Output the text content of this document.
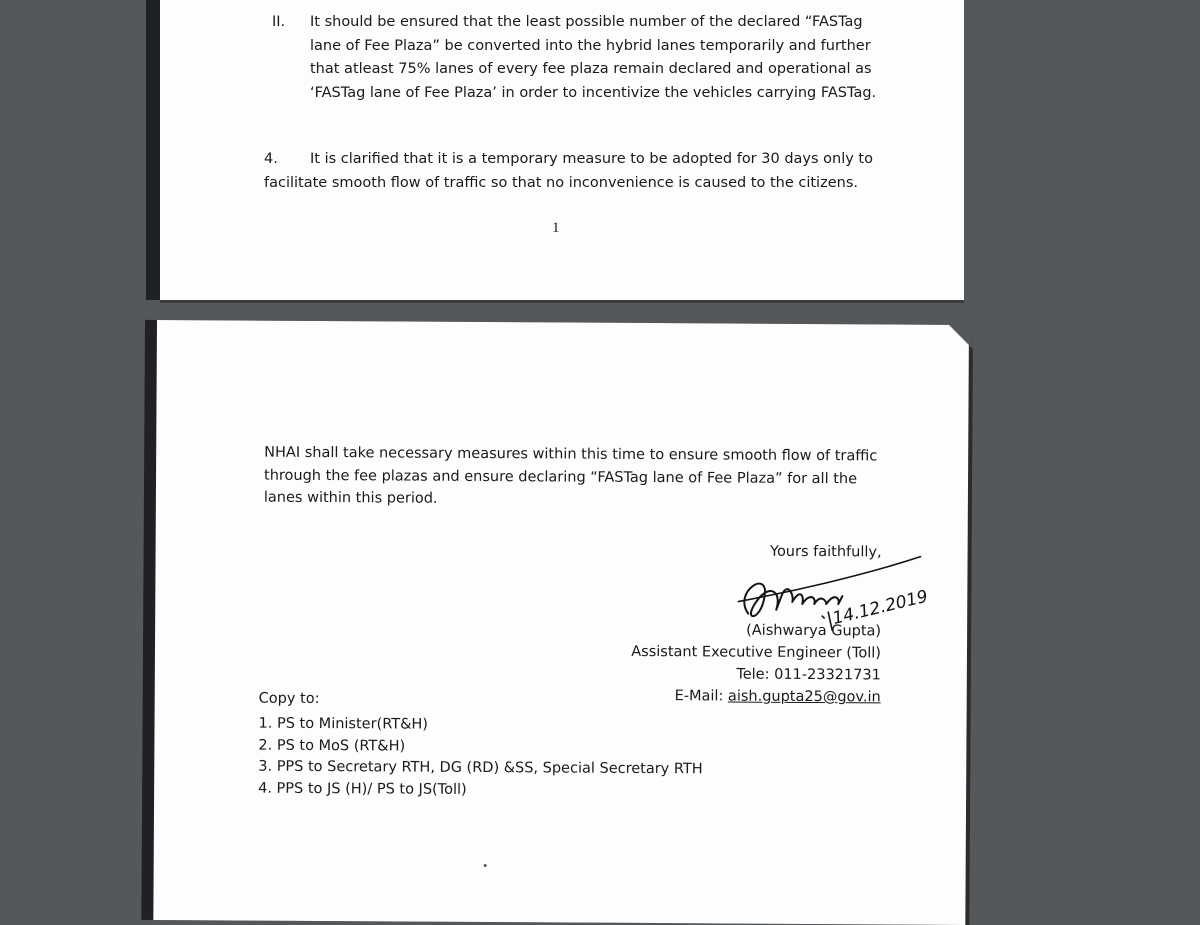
II. It should be ensured that the least possible number of the declared “FASTag
lane of Fee Plaza” be converted into the hybrid lanes temporarily and further
that atleast 75% lanes of every fee plaza remain declared and operational as
‘FASTag lane of Fee Plaza’ in order to incentivize the vehicles carrying FASTag.
4. It is clarified that it is a temporary measure to be adopted for 30 days only to
facilitate smooth flow of traffic so that no inconvenience is caused to the citizens.
1
NHAI shall take necessary measures within this time to ensure smooth flow of traffic
through the fee plazas and ensure declaring “FASTag lane of Fee Plaza” for all the
lanes within this period.
Yours faithfully,
14.12.2019
(Aishwarya Gupta)
Assistant Executive Engineer (Toll)
Tele: 011-23321731
E-Mail: aish.gupta25@gov.in
Copy to:
1. PS to Minister(RT&H)
2. PS to MoS (RT&H)
3. PPS to Secretary RTH, DG (RD) &SS, Special Secretary RTH
4. PPS to JS (H)/ PS to JS(Toll)
